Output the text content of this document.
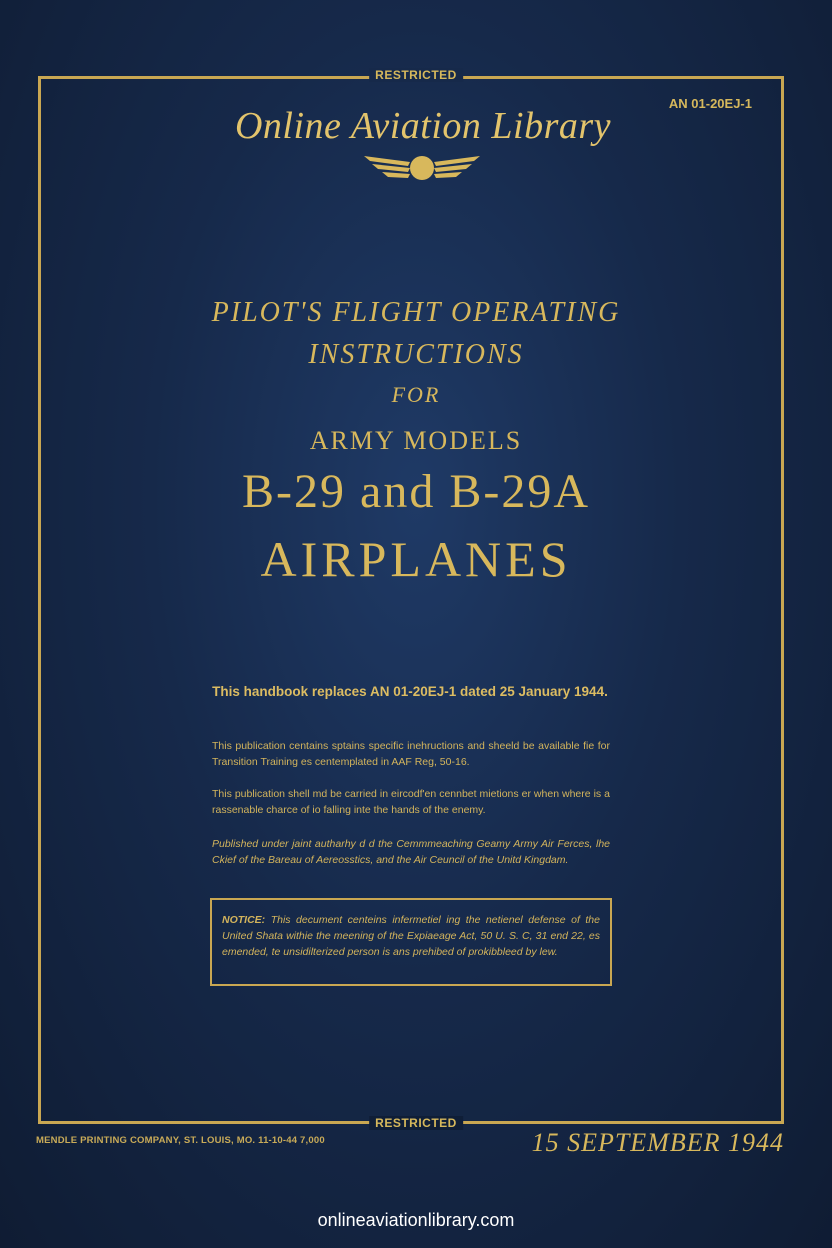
RESTRICTED
AN 01-20EJ-1
Online Aviation Library
PILOT'S FLIGHT OPERATING
INSTRUCTIONS
FOR
ARMY MODELS
B-29 and B-29A
AIRPLANES
This handbook replaces AN 01-20EJ-1 dated 25 January 1944.
This publication centains sptains specific inehructions and sheeld be available fie for Transition Training es centemplated in AAF Reg, 50-16.
This publication shell md be carried in eircodf'en cennbet mietions er when where is a rassenable charce of io falling inte the hands of the enemy.
Published under jaint autharhy d d the Cemmmeaching Geamy Army Air Ferces, lhe Ckief of the Bareau of Aereosstics, and the Air Ceuncil of the Unitd Kingdam.
NOTICE: This decument centeins infermetiel ing the netienel defense of the United Shata withie the meening of the Expiaeage Act, 50 U. S. C, 31 end 22, es emended, te unsidilterized person is ans prehibed of prokibbleed by lew.
RESTRICTED
MENDLE PRINTING COMPANY, ST. LOUIS, MO. 11-10-44 7,000	15 SEPTEMBER 1944
onlineaviationlibrary.com
